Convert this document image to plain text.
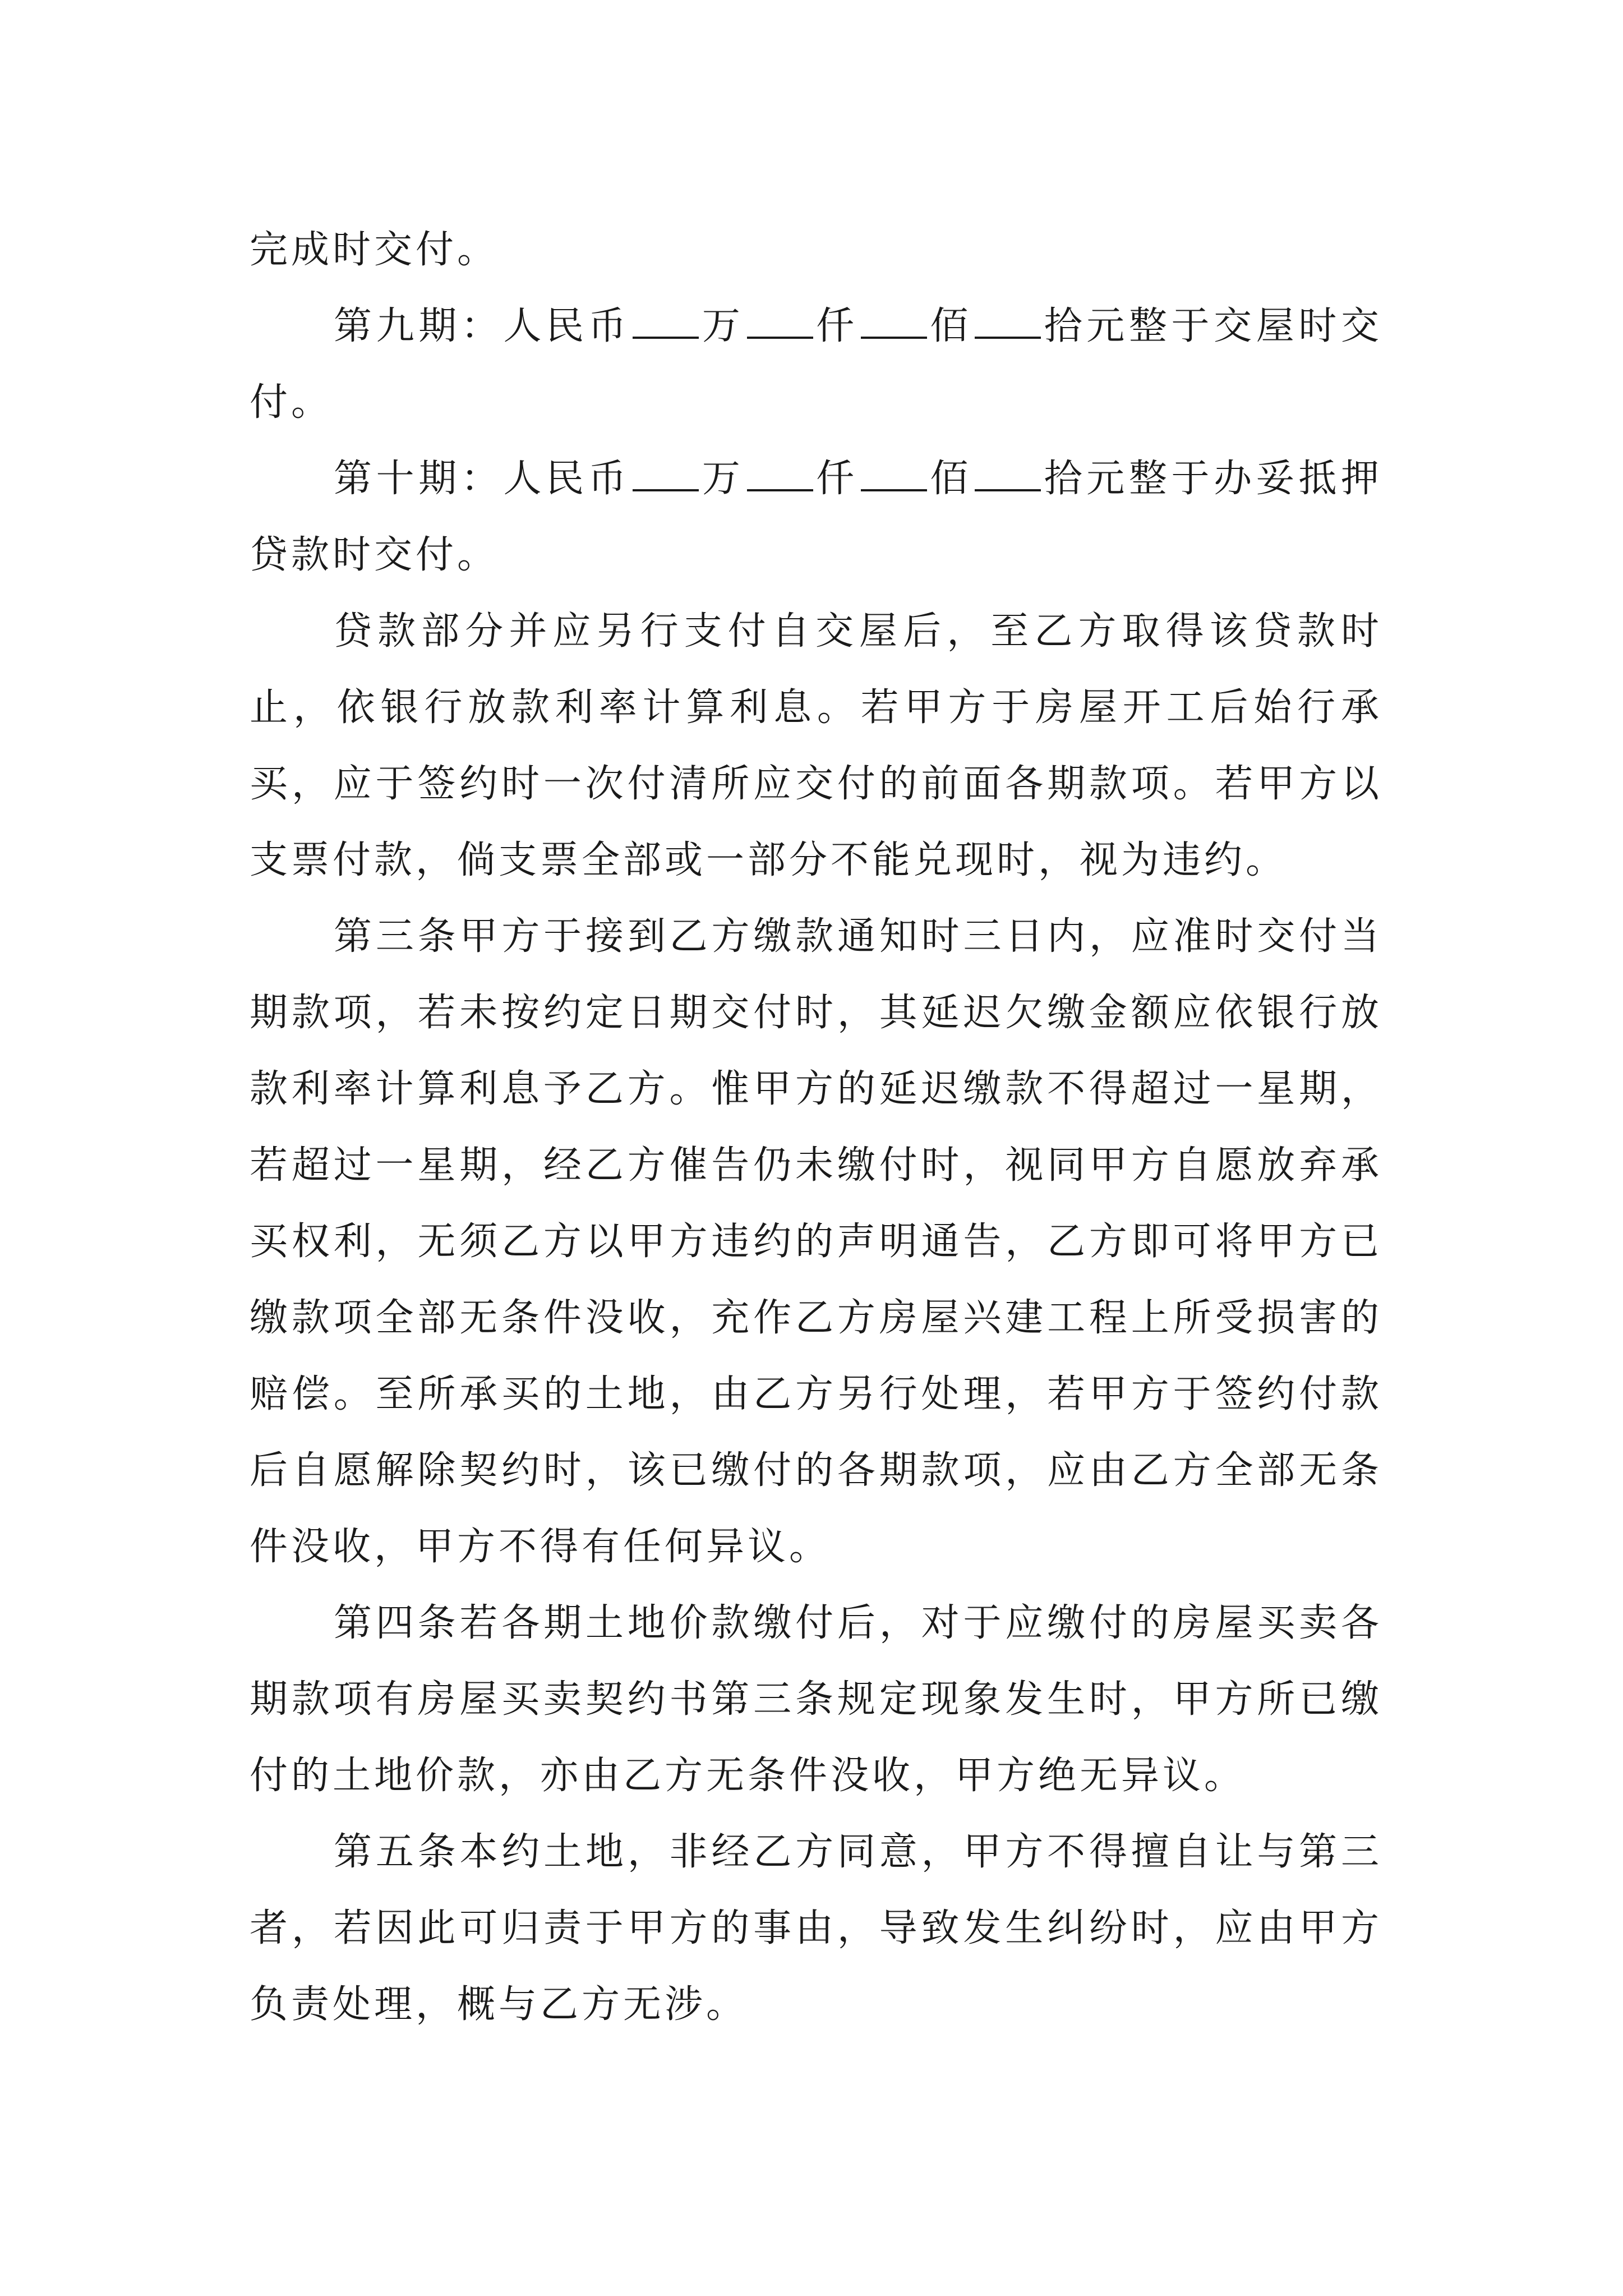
完成时交付。

第九期：人民币 万 仟 佰 拾元整于交屋时交付。

第十期：人民币 万 仟 佰 拾元整于办妥抵押贷款时交付。

贷款部分并应另行支付自交屋后，至乙方取得该贷款时止，依银行放款利率计算利息。若甲方于房屋开工后始行承买，应于签约时一次付清所应交付的前面各期款项。若甲方以支票付款，倘支票全部或一部分不能兑现时，视为违约。

第三条甲方于接到乙方缴款通知时三日内，应准时交付当期款项，若未按约定日期交付时，其延迟欠缴金额应依银行放款利率计算利息予乙方。惟甲方的延迟缴款不得超过一星期，若超过一星期，经乙方催告仍未缴付时，视同甲方自愿放弃承买权利，无须乙方以甲方违约的声明通告，乙方即可将甲方已缴款项全部无条件没收，充作乙方房屋兴建工程上所受损害的赔偿。至所承买的土地，由乙方另行处理，若甲方于签约付款后自愿解除契约时，该已缴付的各期款项，应由乙方全部无条件没收，甲方不得有任何异议。

第四条若各期土地价款缴付后，对于应缴付的房屋买卖各期款项有房屋买卖契约书第三条规定现象发生时，甲方所已缴付的土地价款，亦由乙方无条件没收，甲方绝无异议。

第五条本约土地，非经乙方同意，甲方不得擅自让与第三者，若因此可归责于甲方的事由，导致发生纠纷时，应由甲方负责处理，概与乙方无涉。
